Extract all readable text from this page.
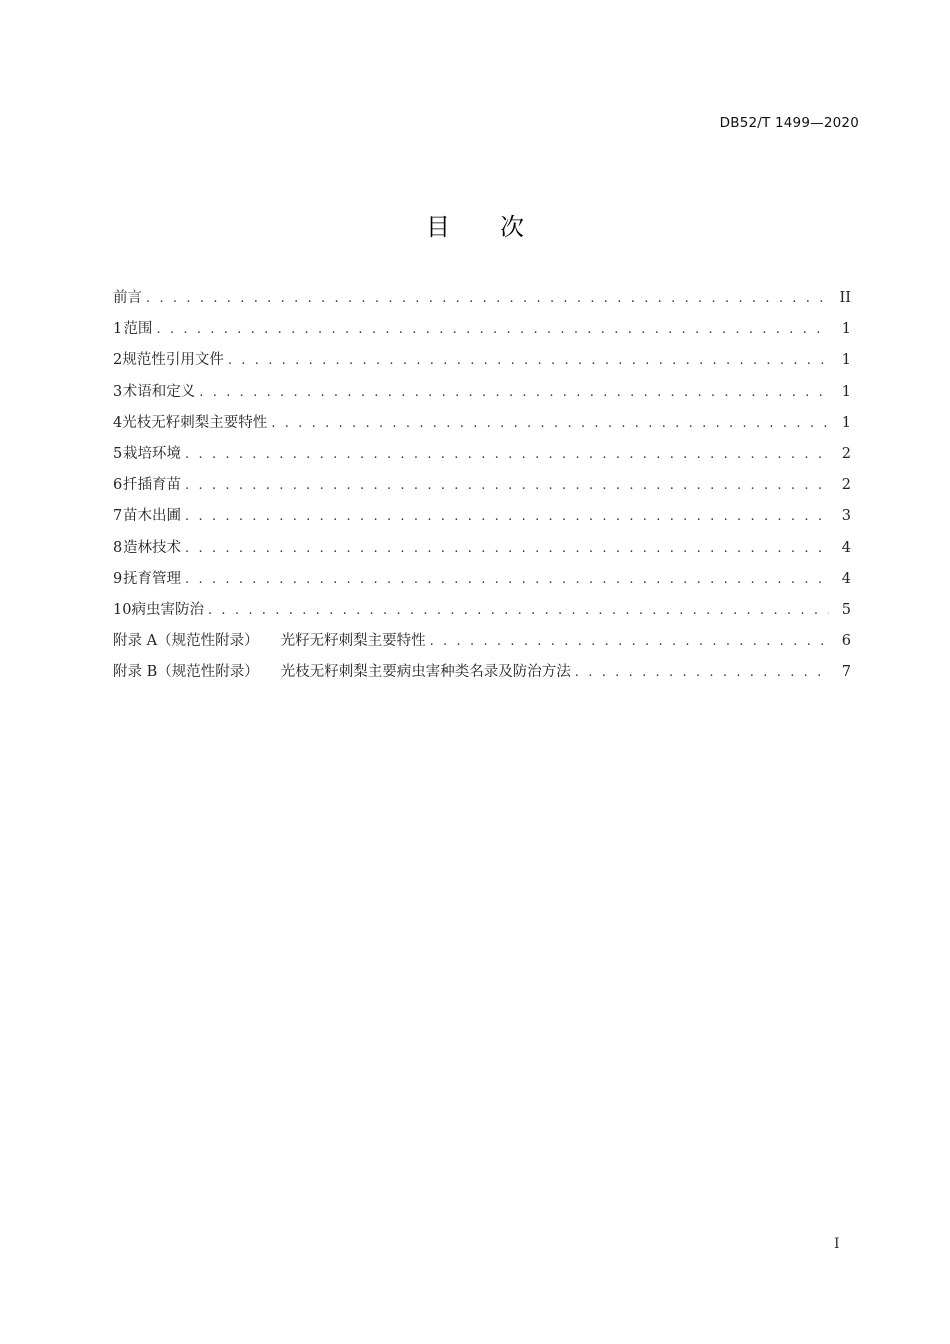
DB52/T 1499—2020
目 次
前言 . . .	II
1 范围 . . .	1
2 规范性引用文件 . . .	1
3 术语和定义 . . .	1
4 光枝无籽刺梨主要特性 . . .	1
5 栽培环境 . . .	2
6 扦插育苗 . . .	2
7 苗木出圃 . . .	3
8 造林技术 . . .	4
9 抚育管理 . . .	4
10 病虫害防治 . . .	5
附录 A（规范性附录） 光籽无籽刺梨主要特性 . . .	6
附录 B（规范性附录） 光枝无籽刺梨主要病虫害种类名录及防治方法 . . .	7
I
